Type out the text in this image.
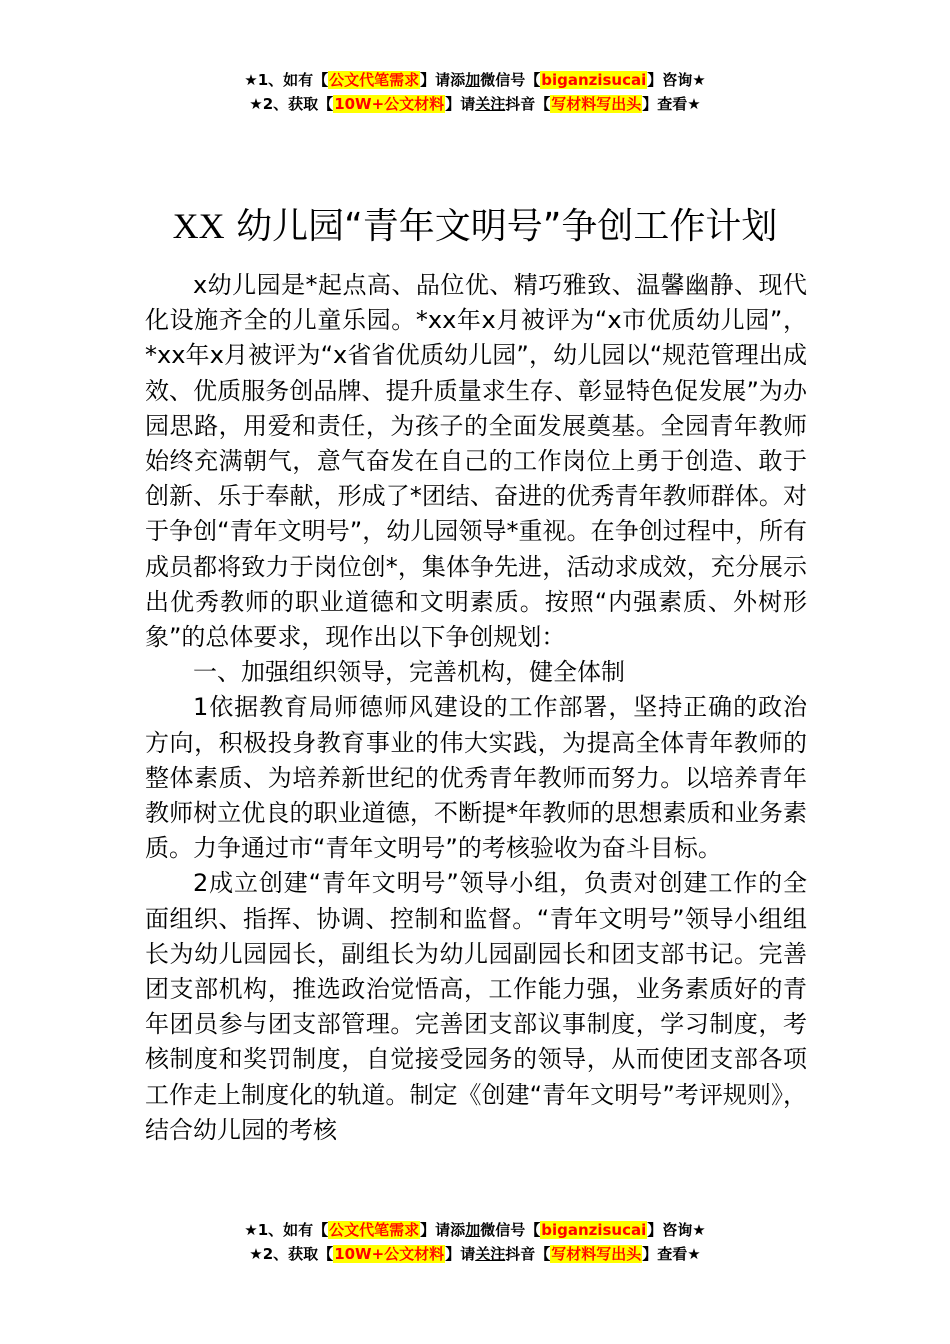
★1、如有【公文代笔需求】请添加微信号【biganzisucai】咨询★
★2、获取【10W+公文材料】请关注抖音【写材料写出头】查看★
XX 幼儿园“青年文明号”争创工作计划

x幼儿园是*起点高、品位优、精巧雅致、温馨幽静、现代化设施齐全的儿童乐园。*xx年x月被评为“x市优质幼儿园”，*xx年x月被评为“x省省优质幼儿园”，幼儿园以“规范管理出成效、优质服务创品牌、提升质量求生存、彰显特色促发展”为办园思路，用爱和责任，为孩子的全面发展奠基。全园青年教师始终充满朝气，意气奋发在自己的工作岗位上勇于创造、敢于创新、乐于奉献，形成了*团结、奋进的优秀青年教师群体。对于争创“青年文明号”，幼儿园领导*重视。在争创过程中，所有成员都将致力于岗位创*，集体争先进，活动求成效，充分展示出优秀教师的职业道德和文明素质。按照“内强素质、外树形象”的总体要求，现作出以下争创规划：

一、加强组织领导，完善机构，健全体制

1依据教育局师德师风建设的工作部署，坚持正确的政治方向，积极投身教育事业的伟大实践，为提高全体青年教师的整体素质、为培养新世纪的优秀青年教师而努力。以培养青年教师树立优良的职业道德，不断提*年教师的思想素质和业务素质。力争通过市“青年文明号”的考核验收为奋斗目标。

2成立创建“青年文明号”领导小组，负责对创建工作的全面组织、指挥、协调、控制和监督。“青年文明号”领导小组组长为幼儿园园长，副组长为幼儿园副园长和团支部书记。完善团支部机构，推选政治觉悟高，工作能力强，业务素质好的青年团员参与团支部管理。完善团支部议事制度，学习制度，考核制度和奖罚制度，自觉接受园务的领导，从而使团支部各项工作走上制度化的轨道。制定《创建“青年文明号”考评规则》，结合幼儿园的考核

★1、如有【公文代笔需求】请添加微信号【biganzisucai】咨询★
★2、获取【10W+公文材料】请关注抖音【写材料写出头】查看★
